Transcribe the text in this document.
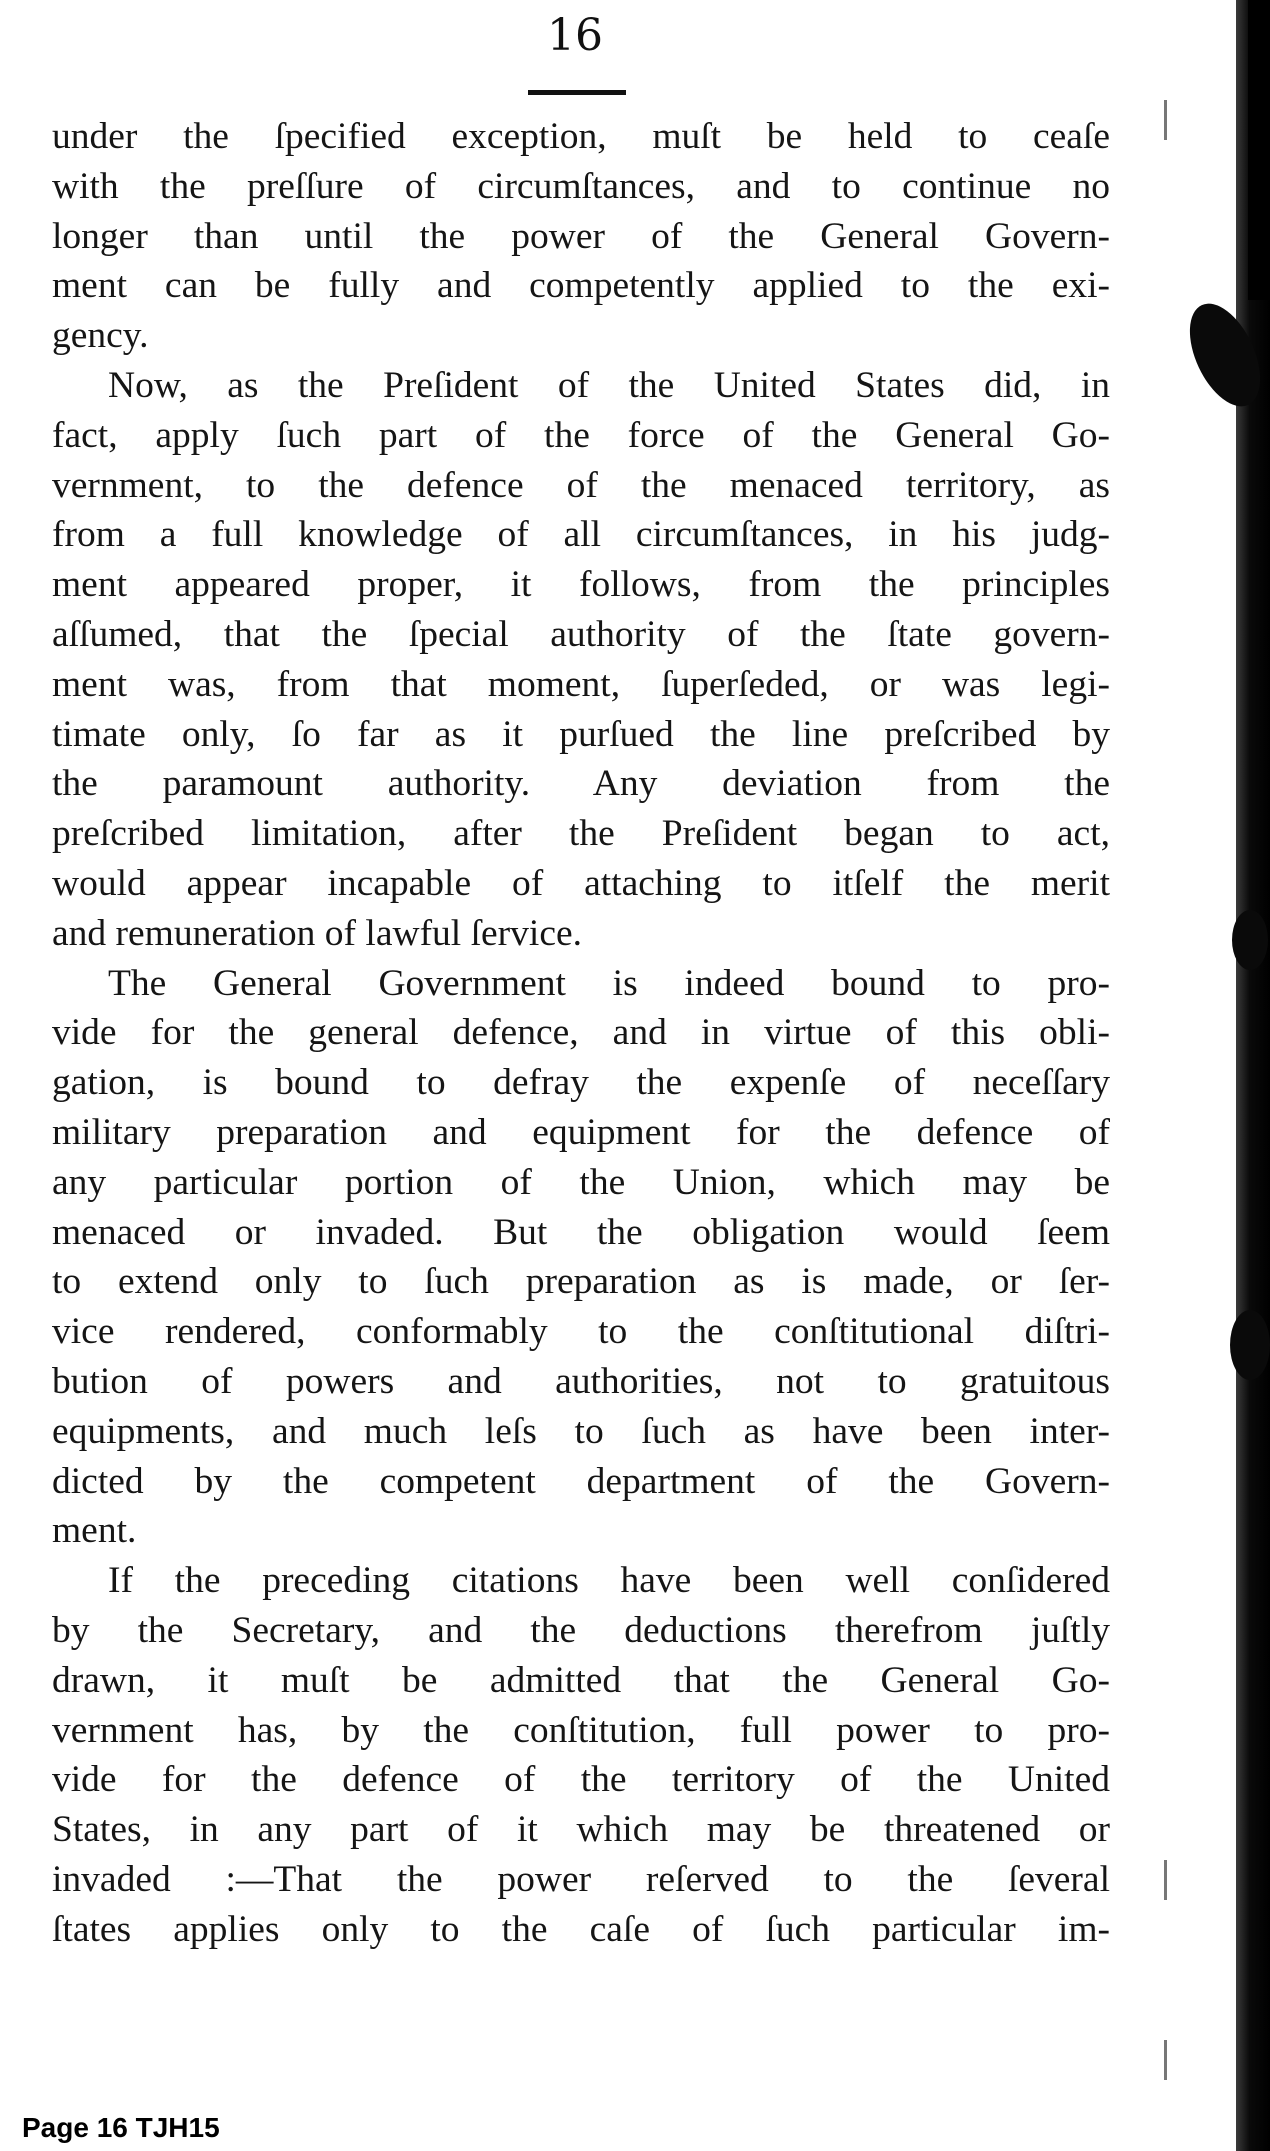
16
under the ſpecified exception, muſt be held to ceaſe
with the preſſure of circumſtances, and to continue no
longer than until the power of the General Govern-
ment can be fully and competently applied to the exi-
gency.
Now, as the Preſident of the United States did, in
fact, apply ſuch part of the force of the General Go-
vernment, to the defence of the menaced territory, as
from a full knowledge of all circumſtances, in his judg-
ment appeared proper, it follows, from the principles
aſſumed, that the ſpecial authority of the ſtate govern-
ment was, from that moment, ſuperſeded, or was legi-
timate only, ſo far as it purſued the line preſcribed by
the paramount authority. Any deviation from the
preſcribed limitation, after the Preſident began to act,
would appear incapable of attaching to itſelf the merit
and remuneration of lawful ſervice.
The General Government is indeed bound to pro-
vide for the general defence, and in virtue of this obli-
gation, is bound to defray the expenſe of neceſſary
military preparation and equipment for the defence of
any particular portion of the Union, which may be
menaced or invaded. But the obligation would ſeem
to extend only to ſuch preparation as is made, or ſer-
vice rendered, conformably to the conſtitutional diſtri-
bution of powers and authorities, not to gratuitous
equipments, and much leſs to ſuch as have been inter-
dicted by the competent department of the Govern-
ment.
If the preceding citations have been well conſidered
by the Secretary, and the deductions therefrom juſtly
drawn, it muſt be admitted that the General Go-
vernment has, by the conſtitution, full power to pro-
vide for the defence of the territory of the United
States, in any part of it which may be threatened or
invaded :—That the power reſerved to the ſeveral
ſtates applies only to the caſe of ſuch particular im-
Page 16 TJH15
